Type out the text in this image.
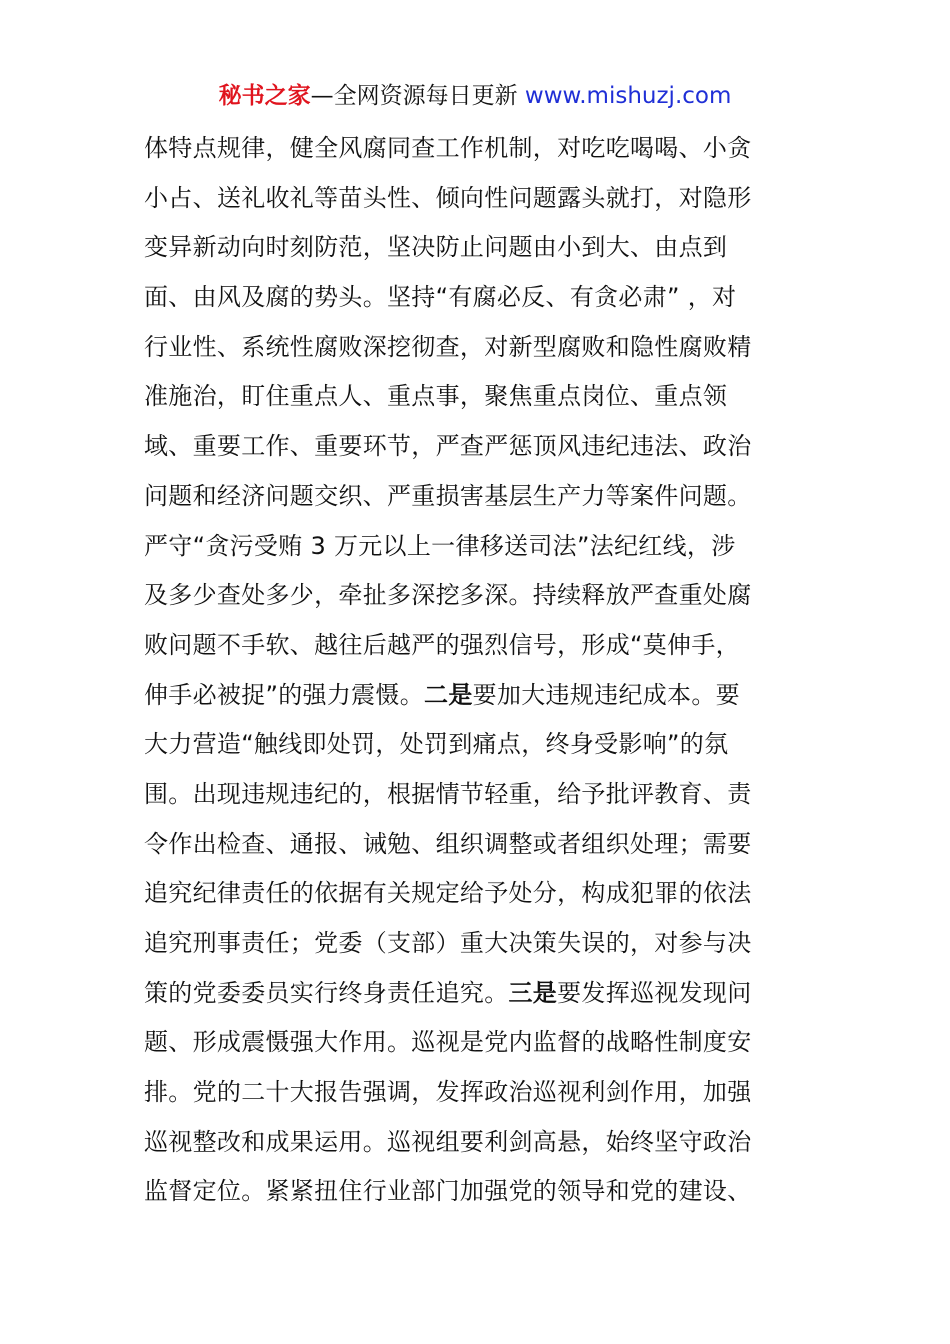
秘书之家—全网资源每日更新 www.mishuzj.com
体特点规律，健全风腐同查工作机制，对吃吃喝喝、小贪
小占、送礼收礼等苗头性、倾向性问题露头就打，对隐形
变异新动向时刻防范，坚决防止问题由小到大、由点到
面、由风及腐的势头。坚持“有腐必反、有贪必肃” ，对
行业性、系统性腐败深挖彻查，对新型腐败和隐性腐败精
准施治，盯住重点人、重点事，聚焦重点岗位、重点领
域、重要工作、重要环节，严查严惩顶风违纪违法、政治
问题和经济问题交织、严重损害基层生产力等案件问题。
严守“贪污受贿 3 万元以上一律移送司法”法纪红线，涉
及多少查处多少，牵扯多深挖多深。持续释放严查重处腐
败问题不手软、越往后越严的强烈信号，形成“莫伸手，
伸手必被捉”的强力震慑。二是要加大违规违纪成本。要
大力营造“触线即处罚，处罚到痛点，终身受影响”的氛
围。出现违规违纪的，根据情节轻重，给予批评教育、责
令作出检查、通报、诫勉、组织调整或者组织处理；需要
追究纪律责任的依据有关规定给予处分，构成犯罪的依法
追究刑事责任；党委（支部）重大决策失误的，对参与决
策的党委委员实行终身责任追究。三是要发挥巡视发现问
题、形成震慑强大作用。巡视是党内监督的战略性制度安
排。党的二十大报告强调，发挥政治巡视利剑作用，加强
巡视整改和成果运用。巡视组要利剑高悬，始终坚守政治
监督定位。紧紧扭住行业部门加强党的领导和党的建设、
